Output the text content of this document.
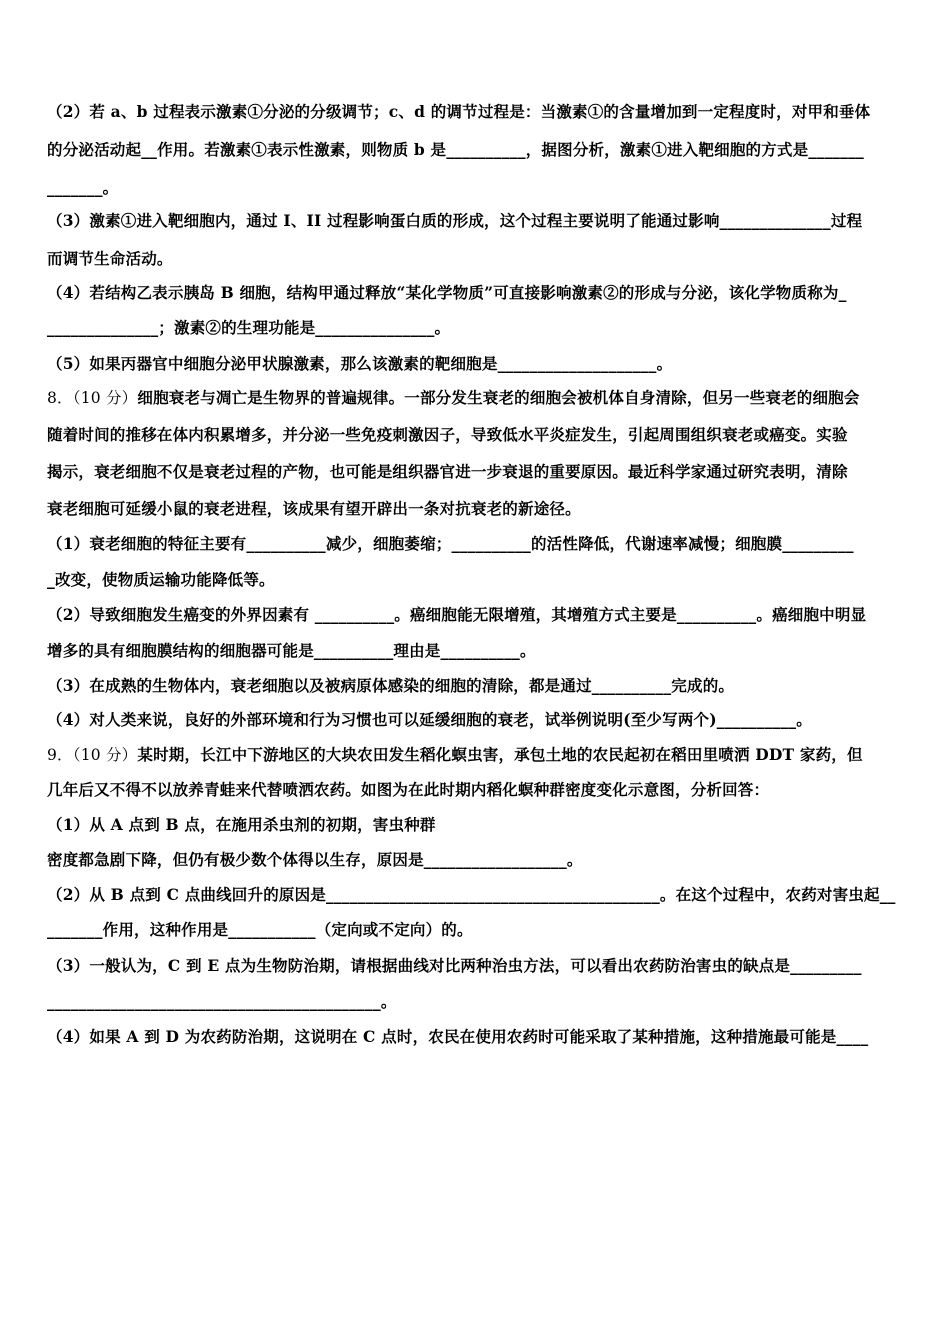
（2）若 a、b 过程表示激素①分泌的分级调节；c、d 的调节过程是：当激素①的含量增加到一定程度时，对甲和垂体
的分泌活动起__作用。若激素①表示性激素，则物质 b 是__________，据图分析，激素①进入靶细胞的方式是_______
_______。
（3）激素①进入靶细胞内，通过 I、II 过程影响蛋白质的形成，这个过程主要说明了能通过影响______________过程
而调节生命活动。
（4）若结构乙表示胰岛 B 细胞，结构甲通过释放“某化学物质”可直接影响激素②的形成与分泌，该化学物质称为_
______________；激素②的生理功能是_______________。
（5）如果丙器官中细胞分泌甲状腺激素，那么该激素的靶细胞是____________________。
8．（10 分）细胞衰老与凋亡是生物界的普遍规律。一部分发生衰老的细胞会被机体自身清除，但另一些衰老的细胞会
随着时间的推移在体内积累增多，并分泌一些免疫刺激因子，导致低水平炎症发生，引起周围组织衰老或癌变。实验
揭示，衰老细胞不仅是衰老过程的产物，也可能是组织器官进一步衰退的重要原因。最近科学家通过研究表明，清除
衰老细胞可延缓小鼠的衰老进程，该成果有望开辟出一条对抗衰老的新途径。
（1）衰老细胞的特征主要有__________减少，细胞萎缩；__________的活性降低，代谢速率减慢；细胞膜_________
_改变，使物质运输功能降低等。
（2）导致细胞发生癌变的外界因素有 __________。癌细胞能无限增殖，其增殖方式主要是__________。癌细胞中明显
增多的具有细胞膜结构的细胞器可能是__________理由是__________。
（3）在成熟的生物体内，衰老细胞以及被病原体感染的细胞的清除，都是通过__________完成的。
（4）对人类来说，良好的外部环境和行为习惯也可以延缓细胞的衰老，试举例说明(至少写两个)__________。
9．（10 分）某时期，长江中下游地区的大块农田发生稻化螟虫害，承包土地的农民起初在稻田里喷洒 DDT 家药，但
几年后又不得不以放养青蛙来代替喷洒农药。如图为在此时期内稻化螟种群密度变化示意图，分析回答：
（1）从 A 点到 B 点，在施用杀虫剂的初期，害虫种群
密度都急剧下降，但仍有极少数个体得以生存，原因是__________________。
（2）从 B 点到 C 点曲线回升的原因是__________________________________________。在这个过程中，农药对害虫起__
_______作用，这种作用是___________（定向或不定向）的。
（3）一般认为，C 到 E 点为生物防治期，请根据曲线对比两种治虫方法，可以看出农药防治害虫的缺点是_________
__________________________________________。
（4）如果 A 到 D 为农药防治期，这说明在 C 点时，农民在使用农药时可能采取了某种措施，这种措施最可能是____
